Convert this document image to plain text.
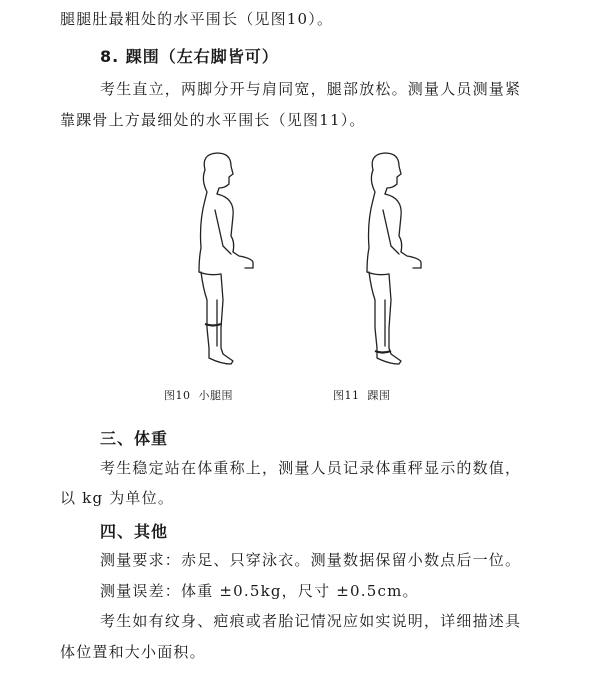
腿腿肚最粗处的水平围长（见图10）。
8. 踝围（左右脚皆可）
考生直立，两脚分开与肩同宽，腿部放松。测量人员测量紧
靠踝骨上方最细处的水平围长（见图11）。
图10 小腿围	图11 踝围
三、体重
考生稳定站在体重称上，测量人员记录体重秤显示的数值，
以 kg 为单位。
四、其他
测量要求：赤足、只穿泳衣。测量数据保留小数点后一位。
测量误差：体重 ±0.5kg，尺寸 ±0.5cm。
考生如有纹身、疤痕或者胎记情况应如实说明，详细描述具
体位置和大小面积。
